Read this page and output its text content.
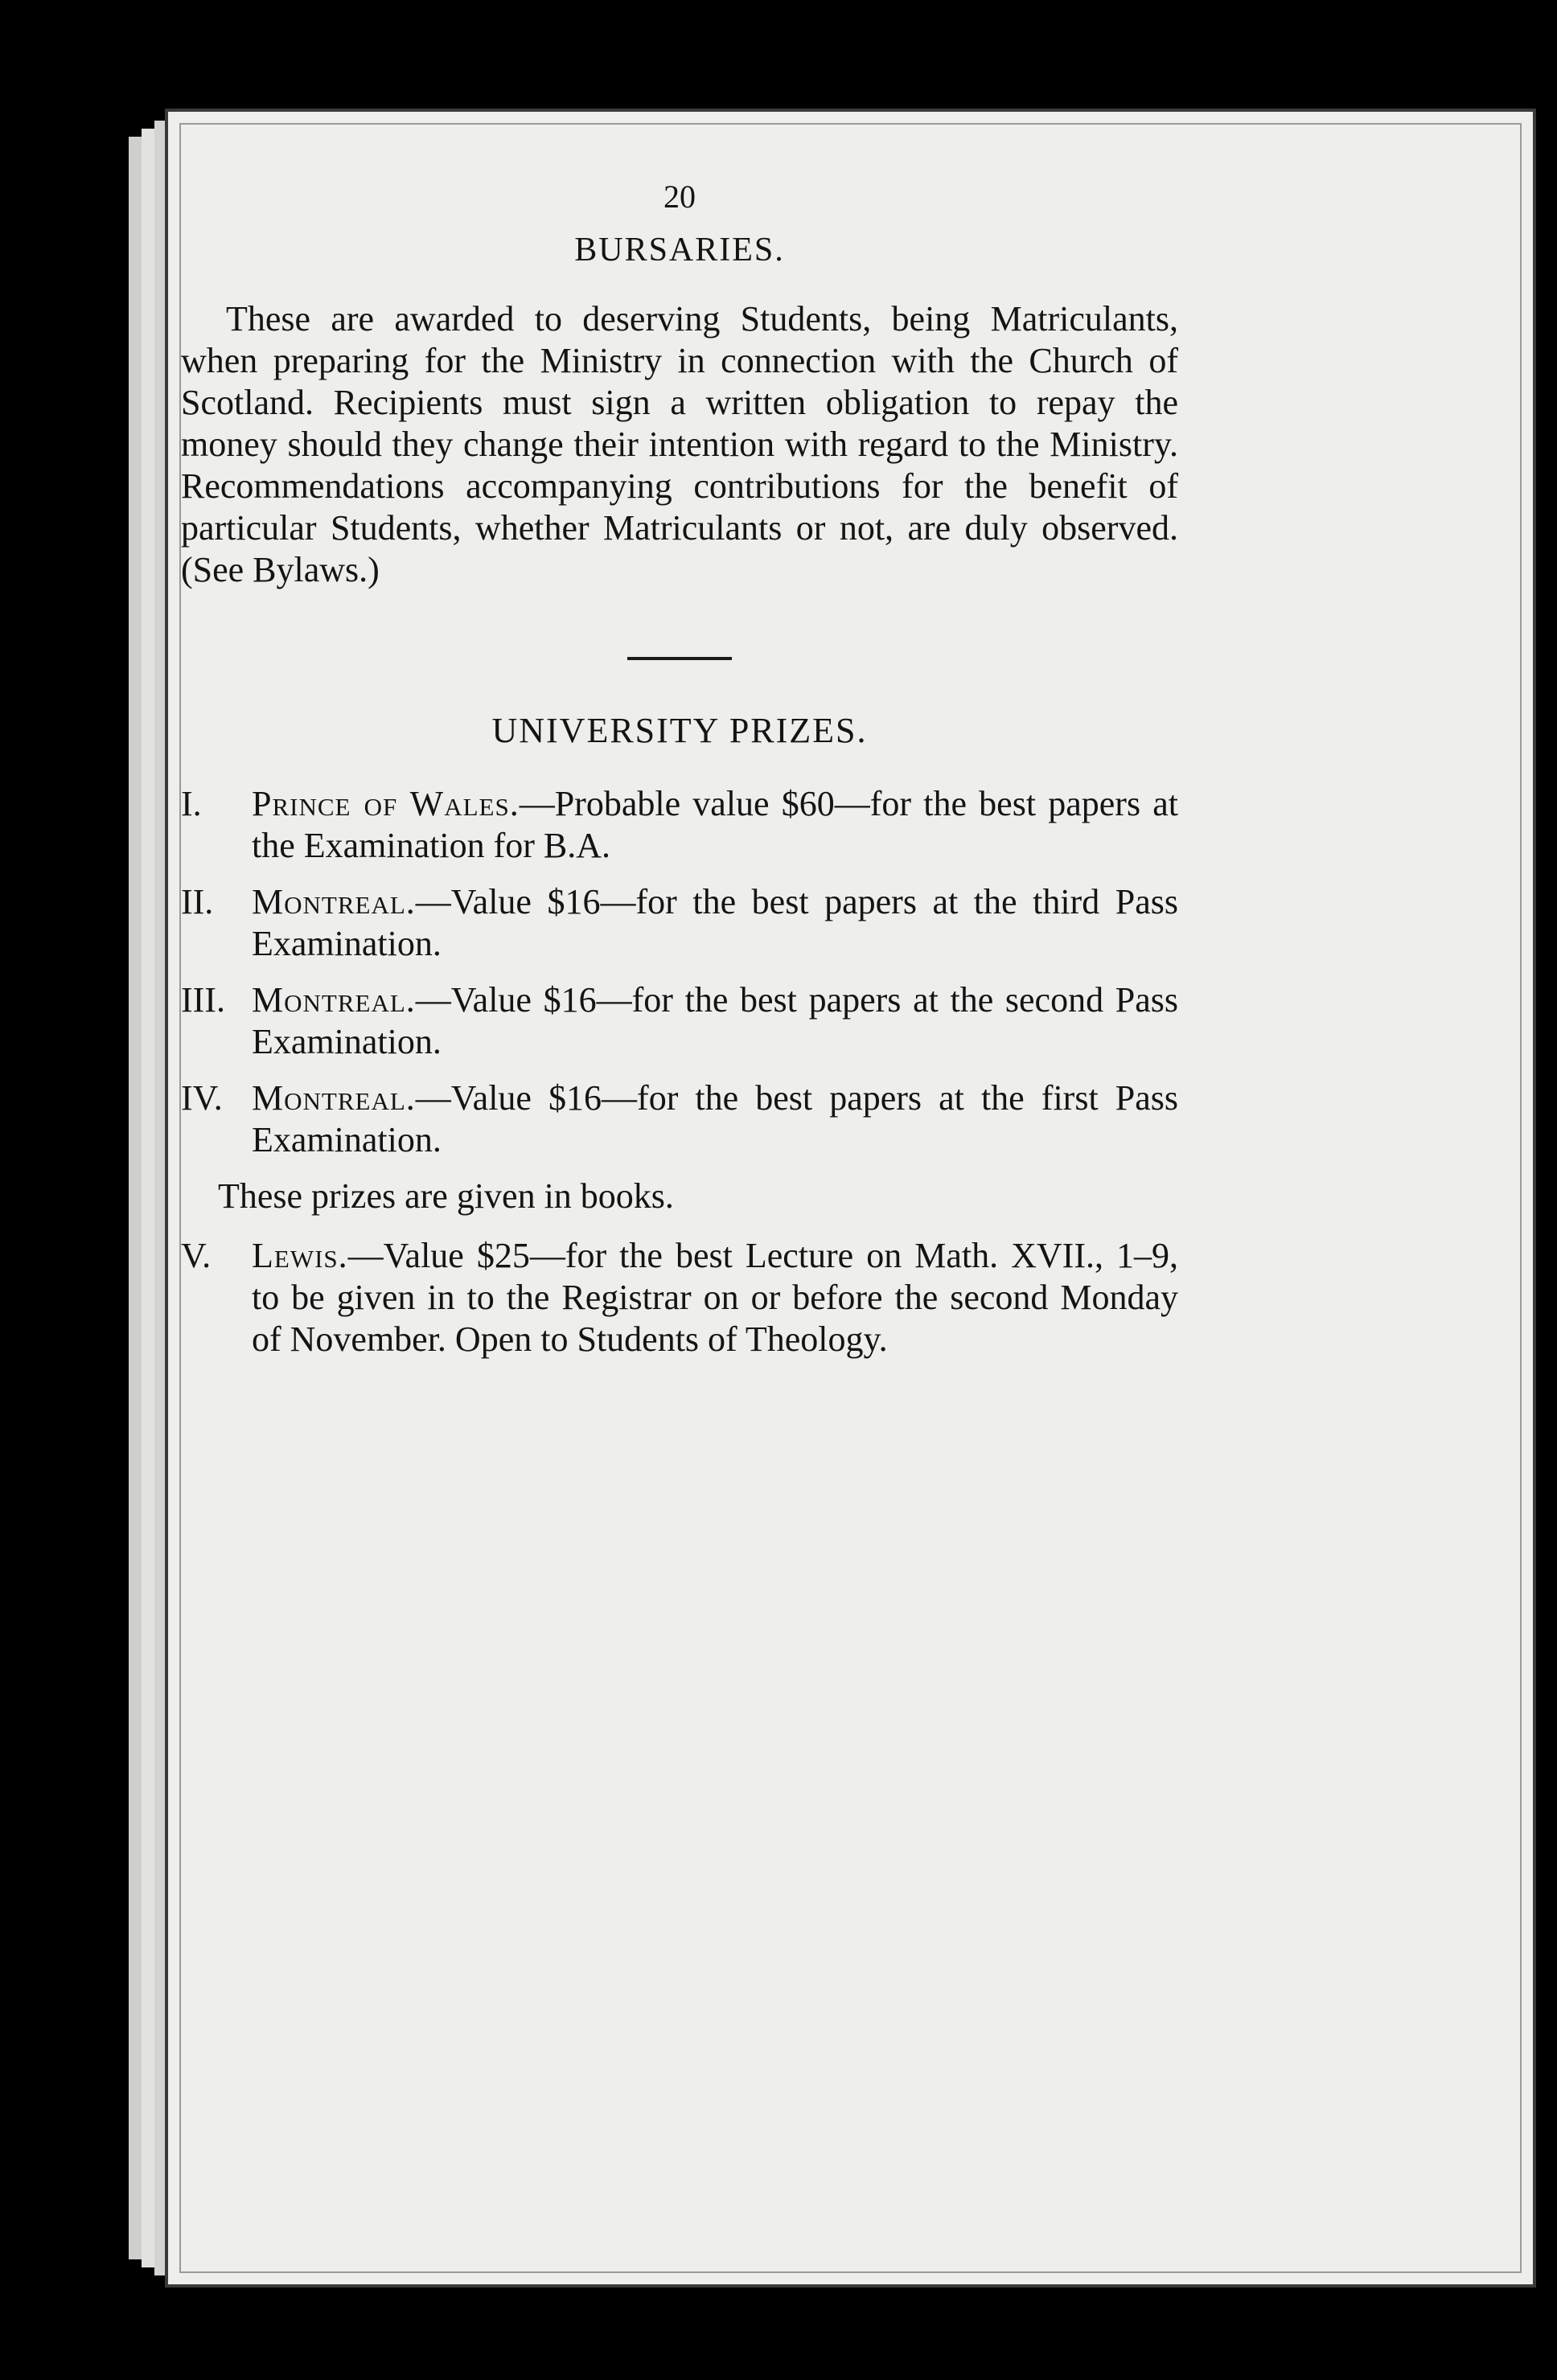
20

BURSARIES.

These are awarded to deserving Students, being Matriculants, when preparing for the Ministry in connection with the Church of Scotland. Recipients must sign a written obligation to repay the money should they change their intention with regard to the Ministry. Recommendations accompanying contributions for the benefit of particular Students, whether Matriculants or not, are duly observed. (See Bylaws.)

UNIVERSITY PRIZES.
I. Prince of Wales.—Probable value $60—for the best papers at the Examination for B.A.
II. Montreal.—Value $16—for the best papers at the third Pass Examination.
III. Montreal.—Value $16—for the best papers at the second Pass Examination.
IV. Montreal.—Value $16—for the best papers at the first Pass Examination.

These prizes are given in books.

V. Lewis.—Value $25—for the best Lecture on Math. XVII., 1–9, to be given in to the Registrar on or before the second Monday of November. Open to Students of Theology.
